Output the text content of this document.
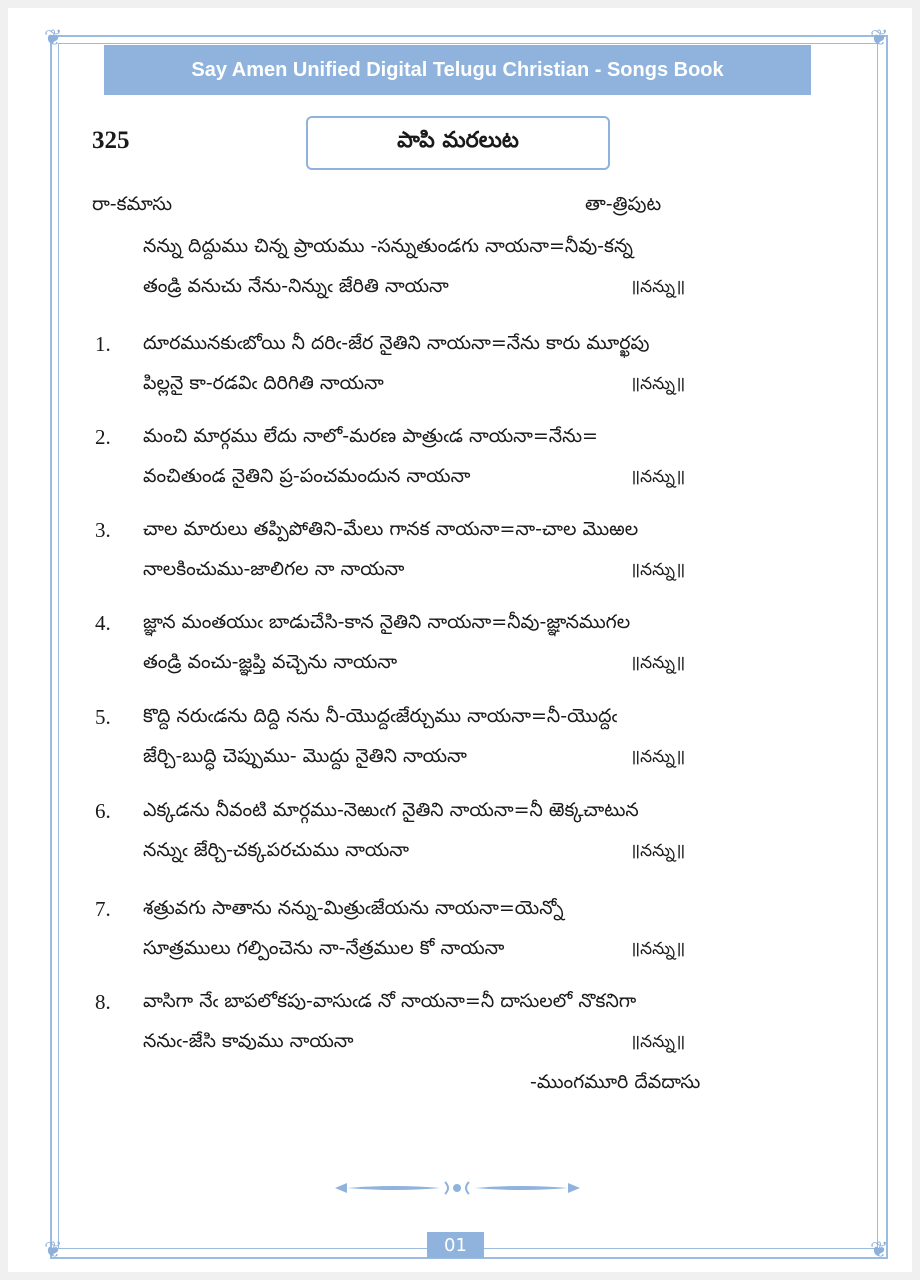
❦	❦
❦	❦
Say Amen Unified Digital Telugu Christian - Songs Book
325	పాపి మరలుట
రా-కమాసు	తా-త్రిపుట
నన్ను దిద్దుము చిన్న ప్రాయము -సన్నుతుండగు నాయనా=నీవు-కన్న
తండ్రి వనుచు నేను-నిన్నుఁ జేరితి నాయనా	॥నన్ను॥
1. దూరమునకుఁబోయి నీ దరిఁ-జేర నైతిని నాయనా=నేను కారు మూర్ఖపు
పిల్లనై కా-రడవిఁ దిరిగితి నాయనా	॥నన్ను॥
2. మంచి మార్గము లేదు నాలో-మరణ పాత్రుఁడ నాయనా=నేను=
వంచితుండ నైతిని ప్ర-పంచమందున నాయనా	॥నన్ను॥
3. చాల మారులు తప్పిపోతిని-మేలు గానక నాయనా=నా-చాల మొఱల
నాలకించుము-జాలిగల నా నాయనా	॥నన్ను॥
4. జ్ఞాన మంతయుఁ బాడుచేసి-కాన నైతిని నాయనా=నీవు-జ్ఞానముగల
తండ్రి వంచు-జ్ఞప్తి వచ్చెను నాయనా	॥నన్ను॥
5. కొద్ది నరుఁడను దిద్ది నను నీ-యొద్దఁజేర్చుము నాయనా=నీ-యొద్దఁ
జేర్చి-బుద్ధి చెప్పుము- మొద్దు నైతిని నాయనా	॥నన్ను॥
6. ఎక్కడను నీవంటి మార్గము-నెఱుఁగ నైతిని నాయనా=నీ ఱెక్కచాటున
నన్నుఁ జేర్చి-చక్కపరచుము నాయనా	॥నన్ను॥
7. శత్రువగు సాతాను నన్ను-మిత్రుఁజేయను నాయనా=యెన్నో
సూత్రములు గల్పించెను నా-నేత్రముల కో నాయనా	॥నన్ను॥
8. వాసిగా నేఁ బాపలోకపు-వాసుఁడ నో నాయనా=నీ దాసులలో నొకనిగా
ననుఁ-జేసి కావుము నాయనా	॥నన్ను॥
-ముంగమూరి దేవదాసు
01
